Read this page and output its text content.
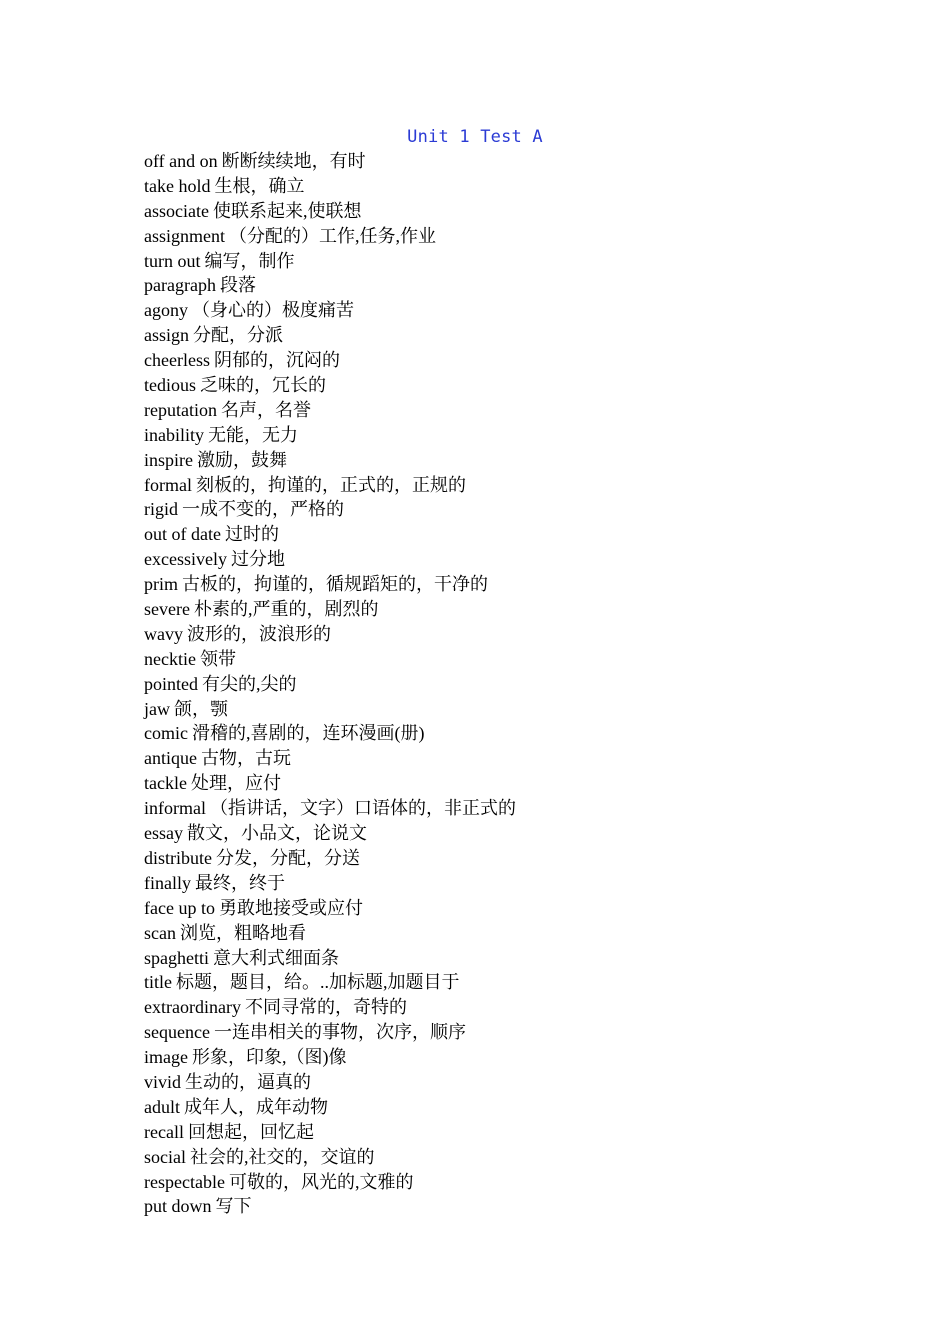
Unit 1 Test A
off and on 断断续续地，有时
take hold 生根，确立
associate 使联系起来,使联想
assignment （分配的）工作,任务,作业
turn out 编写，制作
paragraph 段落
agony （身心的）极度痛苦
assign 分配，分派
cheerless 阴郁的，沉闷的
tedious 乏味的，冗长的
reputation 名声，名誉
inability 无能，无力
inspire 激励，鼓舞
formal 刻板的，拘谨的，正式的，正规的
rigid 一成不变的，严格的
out of date 过时的
excessively 过分地
prim 古板的，拘谨的，循规蹈矩的，干净的
severe 朴素的,严重的，剧烈的
wavy 波形的，波浪形的
necktie 领带
pointed 有尖的,尖的
jaw 颌，颚
comic 滑稽的,喜剧的，连环漫画(册)
antique 古物，古玩
tackle 处理，应付
informal （指讲话，文字）口语体的，非正式的
essay 散文，小品文，论说文
distribute 分发，分配，分送
finally 最终，终于
face up to 勇敢地接受或应付
scan 浏览，粗略地看
spaghetti 意大利式细面条
title 标题，题目，给。..加标题,加题目于
extraordinary 不同寻常的，奇特的
sequence 一连串相关的事物，次序，顺序
image 形象，印象,（图)像
vivid 生动的，逼真的
adult 成年人，成年动物
recall 回想起，回忆起
social 社会的,社交的，交谊的
respectable 可敬的，风光的,文雅的
put down 写下
